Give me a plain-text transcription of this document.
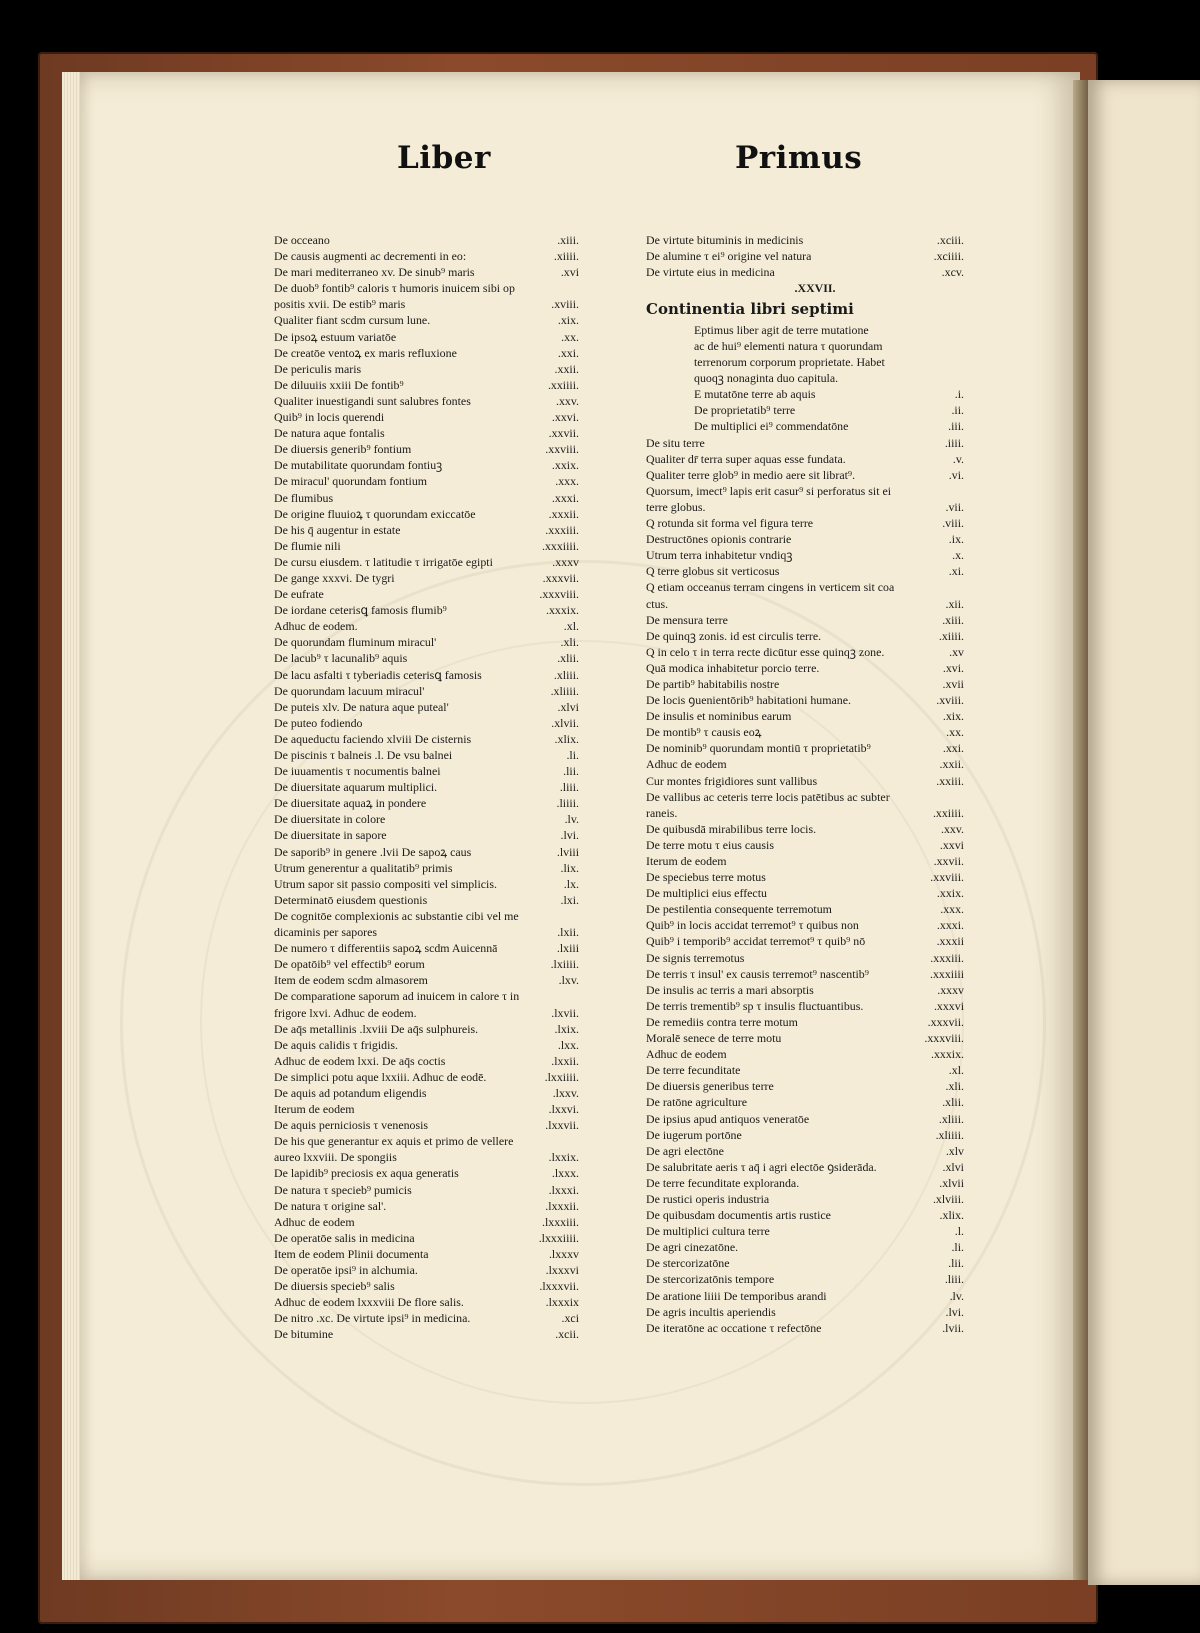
Liber	Primus
De occeano	.xiii.
De causis augmenti ac decrementi in eo:	.xiiii.
De mari mediterraneo xv. De sinub⁹ maris	.xvi
De duob⁹ fontib⁹ caloris τ humoris inuicem sibi op
positis xvii. De estib⁹ maris	.xviii.
Qualiter fiant scdm cursum lune.	.xix.
De ipsoꝝ estuum variatōe	.xx.
De creatōe ventoꝝ ex maris refluxione	.xxi.
De periculis maris	.xxii.
De diluuiis xxiii De fontib⁹	.xxiiii.
Qualiter inuestigandi sunt salubres fontes	.xxv.
Quib⁹ in locis querendi	.xxvi.
De natura aque fontalis	.xxvii.
De diuersis generib⁹ fontium	.xxviii.
De mutabilitate quorundam fontiuꝫ	.xxix.
De miracul' quorundam fontium	.xxx.
De flumibus	.xxxi.
De origine fluuioꝝ τ quorundam exiccatōe	.xxxii.
De his q̄ augentur in estate	.xxxiii.
De flumie nili	.xxxiiii.
De cursu eiusdem. τ latitudie τ irrigatōe egipti	.xxxv
De gange xxxvi. De tygri	.xxxvii.
De eufrate	.xxxviii.
De iordane ceterisꝗ famosis flumib⁹	.xxxix.
Adhuc de eodem.	.xl.
De quorundam fluminum miracul'	.xli.
De lacub⁹ τ lacunalib⁹ aquis	.xlii.
De lacu asfalti τ tyberiadis ceterisꝗ famosis	.xliii.
De quorundam lacuum miracul'	.xliiii.
De puteis xlv. De natura aque puteal'	.xlvi
De puteo fodiendo	.xlvii.
De aqueductu faciendo xlviii De cisternis	.xlix.
De piscinis τ balneis .l. De vsu balnei	.li.
De iuuamentis τ nocumentis balnei	.lii.
De diuersitate aquarum multiplici.	.liii.
De diuersitate aquaꝝ in pondere	.liiii.
De diuersitate in colore	.lv.
De diuersitate in sapore	.lvi.
De saporib⁹ in genere .lvii De sapoꝝ caus	.lviii
Utrum generentur a qualitatib⁹ primis	.lix.
Utrum sapor sit passio compositi vel simplicis.	.lx.
Determinatō eiusdem questionis	.lxi.
De cognitōe complexionis ac substantie cibi vel me
dicaminis per sapores	.lxii.
De numero τ differentiis sapoꝝ scdm Auicennā	.lxiii
De opatōib⁹ vel effectib⁹ eorum	.lxiiii.
Item de eodem scdm almasorem	.lxv.
De comparatione saporum ad inuicem in calore τ in
frigore lxvi. Adhuc de eodem.	.lxvii.
De aq̄s metallinis .lxviii De aq̄s sulphureis.	.lxix.
De aquis calidis τ frigidis.	.lxx.
Adhuc de eodem lxxi. De aq̄s coctis	.lxxii.
De simplici potu aque lxxiii. Adhuc de eodē.	.lxxiiii.
De aquis ad potandum eligendis	.lxxv.
Iterum de eodem	.lxxvi.
De aquis perniciosis τ venenosis	.lxxvii.
De his que generantur ex aquis et primo de vellere
aureo lxxviii. De spongiis	.lxxix.
De lapidib⁹ preciosis ex aqua generatis	.lxxx.
De natura τ specieb⁹ pumicis	.lxxxi.
De natura τ origine sal'.	.lxxxii.
Adhuc de eodem	.lxxxiii.
De operatōe salis in medicina	.lxxxiiii.
Item de eodem Plinii documenta	.lxxxv
De operatōe ipsi⁹ in alchumia.	.lxxxvi
De diuersis specieb⁹ salis	.lxxxvii.
Adhuc de eodem lxxxviii De flore salis.	.lxxxix
De nitro .xc. De virtute ipsi⁹ in medicina.	.xci
De bitumine	.xcii.
De virtute bituminis in medicinis	.xciii.
De alumine τ ei⁹ origine vel natura	.xciiii.
De virtute eius in medicina	.xcv.
.XXVII.
Continentia libri septimi
Eptimus liber agit de terre mutatione
ac de hui⁹ elementi natura τ quorundam
terrenorum corporum proprietate. Habet
quoqꝫ nonaginta duo capitula.
E mutatōne terre ab aquis	.i.
De proprietatib⁹ terre	.ii.
De multiplici ei⁹ commendatōne	.iii.
De situ terre	.iiii.
Qualiter dr̄ terra super aquas esse fundata.	.v.
Qualiter terre glob⁹ in medio aere sit librat⁹.	.vi.
Quorsum, imect⁹ lapis erit casur⁹ si perforatus sit ei
terre globus.	.vii.
Q rotunda sit forma vel figura terre	.viii.
Destructōnes opionis contrarie	.ix.
Utrum terra inhabitetur vndiqꝫ	.x.
Q terre globus sit verticosus	.xi.
Q etiam occeanus terram cingens in verticem sit coa
ctus.	.xii.
De mensura terre	.xiii.
De quinqꝫ zonis. id est circulis terre.	.xiiii.
Q in celo τ in terra recte dicūtur esse quinqꝫ zone.	.xv
Quā modica inhabitetur porcio terre.	.xvi.
De partib⁹ habitabilis nostre	.xvii
De locis ꝯuenientōrib⁹ habitationi humane.	.xviii.
De insulis et nominibus earum	.xix.
De montib⁹ τ causis eoꝝ	.xx.
De nominib⁹ quorundam montiū τ proprietatib⁹	.xxi.
Adhuc de eodem	.xxii.
Cur montes frigidiores sunt vallibus	.xxiii.
De vallibus ac ceteris terre locis patētibus ac subter
raneis.	.xxiiii.
De quibusdā mirabilibus terre locis.	.xxv.
De terre motu τ eius causis	.xxvi
Iterum de eodem	.xxvii.
De speciebus terre motus	.xxviii.
De multiplici eius effectu	.xxix.
De pestilentia consequente terremotum	.xxx.
Quib⁹ in locis accidat terremot⁹ τ quibus non	.xxxi.
Quib⁹ i temporib⁹ accidat terremot⁹ τ quib⁹ nō	.xxxii
De signis terremotus	.xxxiii.
De terris τ insul' ex causis terremot⁹ nascentib⁹	.xxxiiii
De insulis ac terris a mari absorptis	.xxxv
De terris trementib⁹ sp τ insulis fluctuantibus.	.xxxvi
De remediis contra terre motum	.xxxvii.
Moralē senece de terre motu	.xxxviii.
Adhuc de eodem	.xxxix.
De terre fecunditate	.xl.
De diuersis generibus terre	.xli.
De ratōne agriculture	.xlii.
De ipsius apud antiquos veneratōe	.xliii.
De iugerum portōne	.xliiii.
De agri electōne	.xlv
De salubritate aeris τ aq̄ i agri electōe ꝯsiderāda.	.xlvi
De terre fecunditate exploranda.	.xlvii
De rustici operis industria	.xlviii.
De quibusdam documentis artis rustice	.xlix.
De multiplici cultura terre	.l.
De agri cinezatōne.	.li.
De stercorizatōne	.lii.
De stercorizatōnis tempore	.liii.
De aratione liiii De temporibus arandi	.lv.
De agris incultis aperiendis	.lvi.
De iteratōne ac occatione τ refectōne	.lvii.
